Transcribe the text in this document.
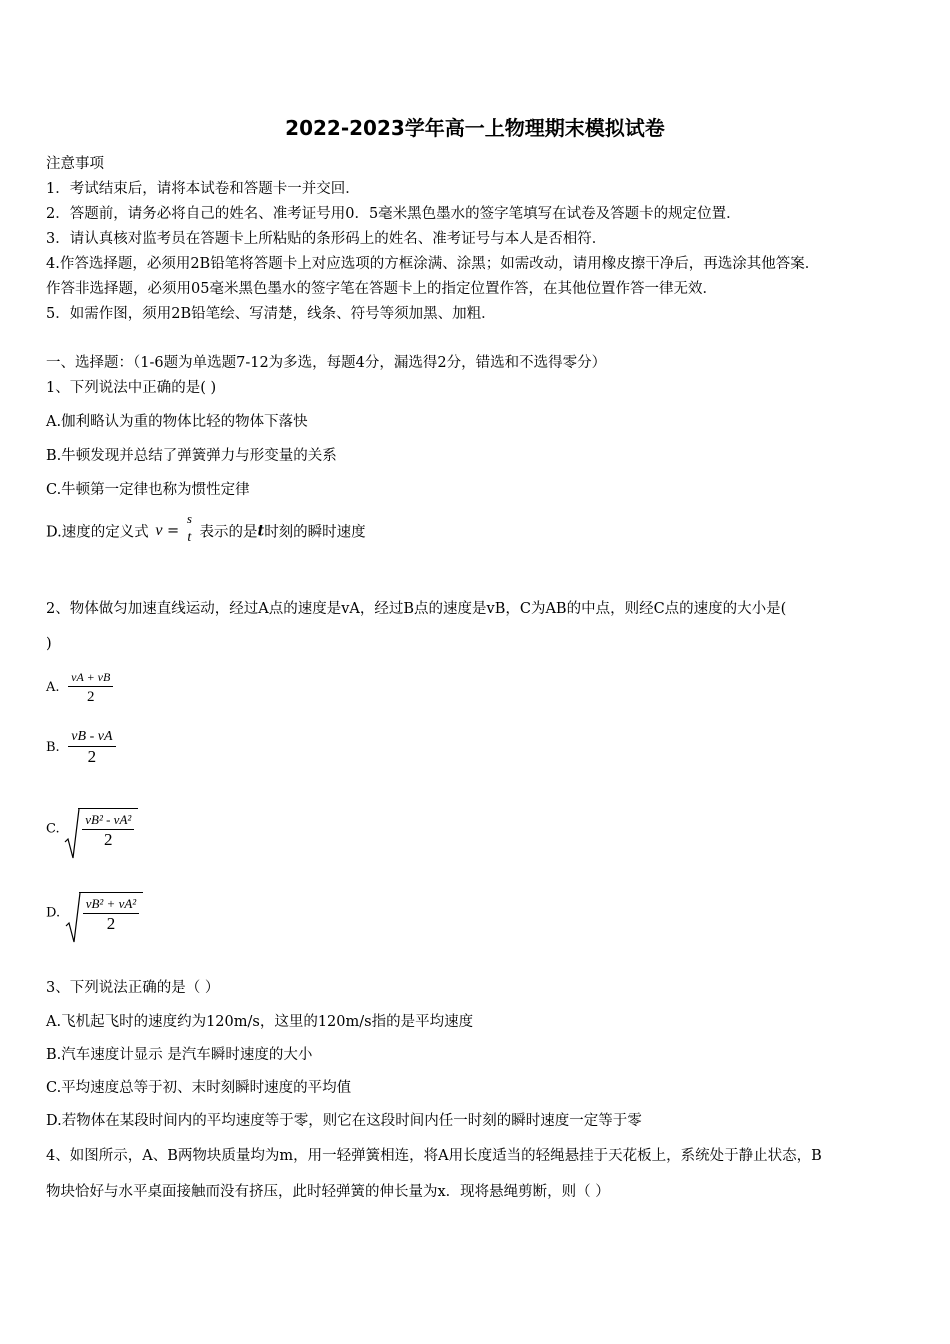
2022-2023学年高一上物理期末模拟试卷
注意事项
1．考试结束后，请将本试卷和答题卡一并交回．
2．答题前，请务必将自己的姓名、准考证号用0．5毫米黑色墨水的签字笔填写在试卷及答题卡的规定位置．
3．请认真核对监考员在答题卡上所粘贴的条形码上的姓名、准考证号与本人是否相符．
4.作答选择题，必须用2B铅笔将答题卡上对应选项的方框涂满、涂黑；如需改动，请用橡皮擦干净后，再选涂其他答案．
作答非选择题，必须用05毫米黑色墨水的签字笔在答题卡上的指定位置作答，在其他位置作答一律无效．
5．如需作图，须用2B铅笔绘、写清楚，线条、符号等须加黑、加粗．
一、选择题：（1-6题为单选题7-12为多选，每题4分，漏选得2分，错选和不选得零分）
1、下列说法中正确的是( )
A.伽利略认为重的物体比轻的物体下落快
B.牛顿发现并总结了弹簧弹力与形变量的关系
C.牛顿第一定律也称为惯性定律
D.速度的定义式 v =
s
t 表示的是t时刻的瞬时速度
2、物体做匀加速直线运动，经过A点的速度是vA，经过B点的速度是vB，C为AB的中点，则经C点的速度的大小是(
)
A. $\frac{vA + vB}{2}$
B. $\frac{vB - vA}{2}$
C. $\frac{\text{vB² - vA²}}{2}$
D. $\frac{\text{vB² + vA²}}{2}$
3、下列说法正确的是（ ）
A.飞机起飞时的速度约为120m/s，这里的120m/s指的是平均速度
B.汽车速度计显示 是汽车瞬时速度的大小
C.平均速度总等于初、末时刻瞬时速度的平均值
D.若物体在某段时间内的平均速度等于零，则它在这段时间内任一时刻的瞬时速度一定等于零
4、如图所示，A、B两物块质量均为m，用一轻弹簧相连，将A用长度适当的轻绳悬挂于天花板上，系统处于静止状态，B
物块恰好与水平桌面接触而没有挤压，此时轻弹簧的伸长量为x．现将悬绳剪断，则（ ）
